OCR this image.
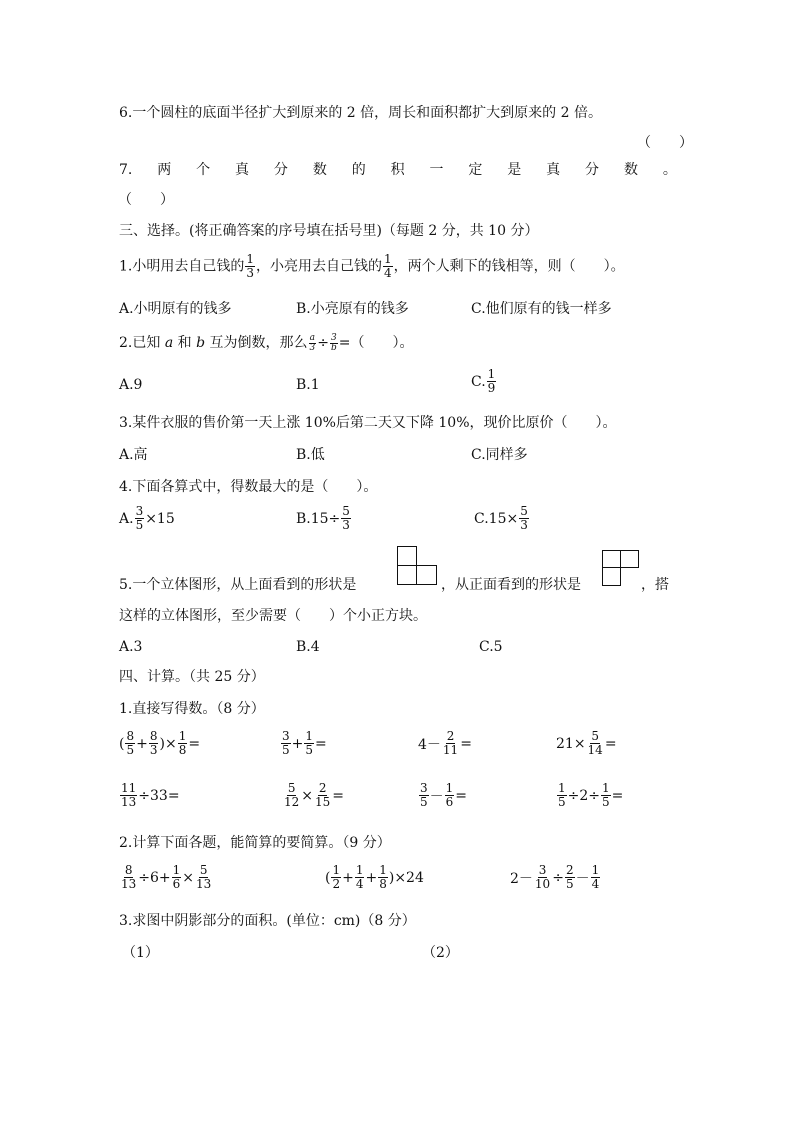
6.一个圆柱的底面半径扩大到原来的 2 倍，周长和面积都扩大到原来的 2 倍。
（　　）
7. 两 个 真 分 数 的 积 一 定 是 真 分 数 。
（　　）
三、选择。(将正确答案的序号填在括号里)（每题 2 分，共 10 分）
1.小明用去自己钱的 $\frac{1}{3}$ ，小亮用去自己钱的 $\frac{1}{4}$ ，两个人剩下的钱相等，则（　　）。
A.小明原有的钱多	B.小亮原有的钱多	C.他们原有的钱一样多
2.已知 a 和 b 互为倒数，那么 $\frac{a}{3} \div \frac{3}{b}$ =（　　）。
A.9	B.1	C. $\frac{1}{9}$
3.某件衣服的售价第一天上涨 10%后第二天又下降 10%，现价比原价（　　）。
A.高	B.低	C.同样多
4.下面各算式中，得数最大的是（　　）。
A. $\frac{3}{5} \times 15$	$B.15\div \frac{5}{3}$	$C.15\times \frac{5}{3}$
5.一个立体图形，从上面看到的形状是	，从正面看到的形状是	，搭
这样的立体图形，至少需要（　　）个小正方块。
A.3	B.4	C.5
四、计算。（共 25 分）
1.直接写得数。（8 分）
( $\frac{8}{5} + \frac{8}{3}$ )× $\frac{1}{8}$ =	$\frac{3}{5} + \frac{1}{5}$ =	$4- \frac{2}{11}$ =	$21\times \frac{5}{14}$ =
$\frac{11}{13} \div 33$ =	$\frac{5}{12} \times \frac{2}{15}$ =	$\frac{3}{5} - \frac{1}{6}$ =	$\frac{1}{5} \div 2\div \frac{1}{5}$ =
2.计算下面各题，能简算的要简算。（9 分）
$\frac{8}{13} \div 6+ \frac{1}{6} \times \frac{5}{13}$	( $\frac{1}{2} + \frac{1}{4} + \frac{1}{8} )\times 24$	$2- \frac{3}{10} \div \frac{2}{5} - \frac{1}{4}$
3.求图中阴影部分的面积。(单位：cm)（8 分）
（1）	（2）
